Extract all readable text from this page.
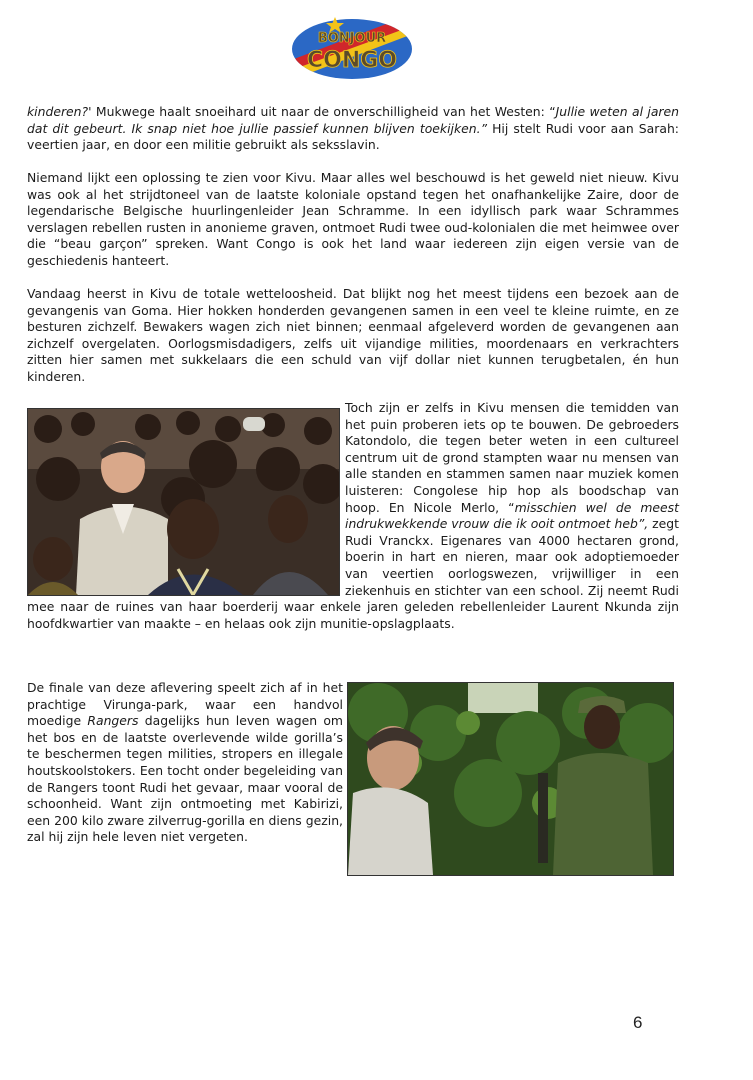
BONJOUR
CONGO

kinderen?' Mukwege haalt snoeihard uit naar de onverschilligheid van het Westen: “Jullie weten al jaren dat dit gebeurt. Ik snap niet hoe jullie passief kunnen blijven toekijken.” Hij stelt Rudi voor aan Sarah: veertien jaar, en door een militie gebruikt als seksslavin.

Niemand lijkt een oplossing te zien voor Kivu. Maar alles wel beschouwd is het geweld niet nieuw. Kivu was ook al het strijdtoneel van de laatste koloniale opstand tegen het onafhankelijke Zaire, door de legendarische Belgische huurlingenleider Jean Schramme. In een idyllisch park waar Schrammes verslagen rebellen rusten in anonieme graven, ontmoet Rudi twee oud-kolonialen die met heimwee over die “beau garçon” spreken. Want Congo is ook het land waar iedereen zijn eigen versie van de geschiedenis hanteert.

Vandaag heerst in Kivu de totale wetteloosheid. Dat blijkt nog het meest tijdens een bezoek aan de gevangenis van Goma. Hier hokken honderden gevangenen samen in een veel te kleine ruimte, en ze besturen zichzelf. Bewakers wagen zich niet binnen; eenmaal afgeleverd worden de gevangenen aan zichzelf overgelaten. Oorlogsmisdadigers, zelfs uit vijandige milities, moordenaars en verkrachters zitten hier samen met sukkelaars die een schuld van vijf dollar niet kunnen terugbetalen, én hun kinderen.

Toch zijn er zelfs in Kivu mensen die temidden van het puin proberen iets op te bouwen. De gebroeders Katondolo, die tegen beter weten in een cultureel centrum uit de grond stampten waar nu mensen van alle standen en stammen samen naar muziek komen luisteren: Congolese hip hop als boodschap van hoop. En Nicole Merlo, “misschien wel de meest indrukwekkende vrouw die ik ooit ontmoet heb”, zegt Rudi Vranckx. Eigenares van 4000 hectaren grond, boerin in hart en nieren, maar ook adoptiemoeder van veertien oorlogswezen, vrijwilliger in een ziekenhuis en stichter van een school. Zij neemt Rudi mee naar de ruines van haar boerderij waar enkele jaren geleden rebellenleider Laurent Nkunda zijn hoofdkwartier van maakte – en helaas ook zijn munitie-opslagplaats.
De finale van deze aflevering speelt zich af in het prachtige Virunga-park, waar een handvol moedige Rangers dagelijks hun leven wagen om het bos en de laatste overlevende wilde gorilla’s te beschermen tegen milities, stropers en illegale houtskoolstokers. Een tocht onder begeleiding van de Rangers toont Rudi het gevaar, maar vooral de schoonheid. Want zijn ontmoeting met Kabirizi, een 200 kilo zware zilverrug-gorilla en diens gezin, zal hij zijn hele leven niet vergeten.
6
